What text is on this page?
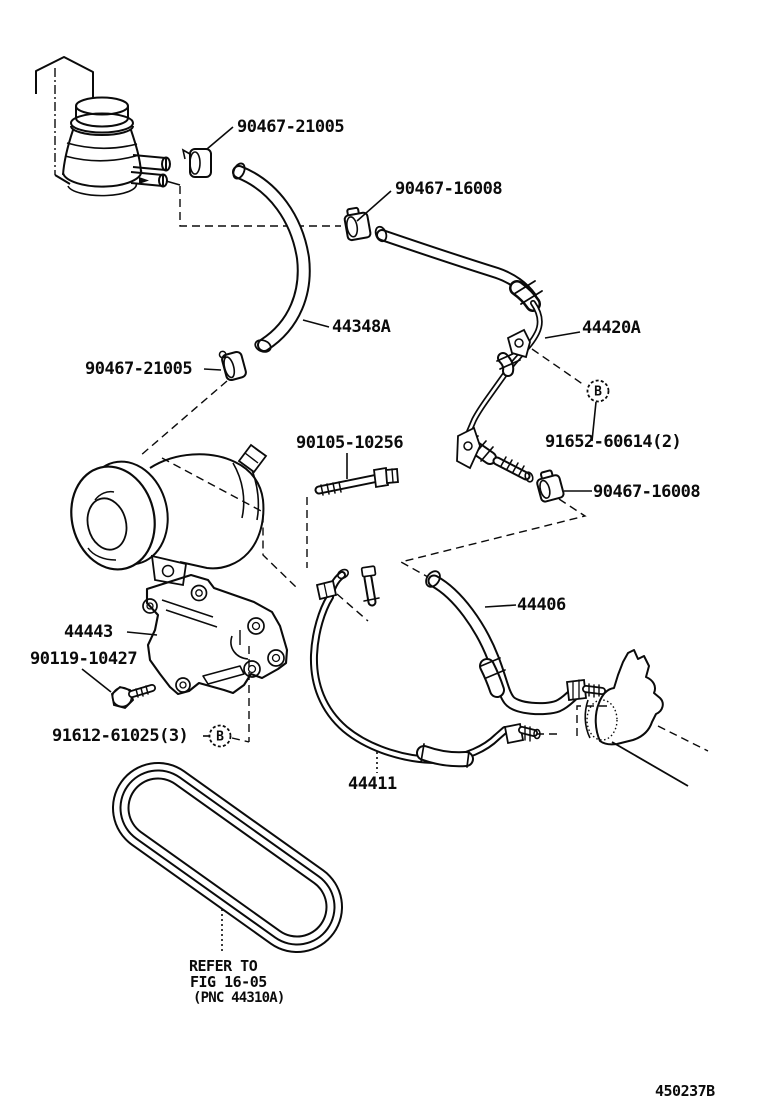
B
B
90467-21005
90467-16008
44348A	44420A
90467-21005
90105-10256	91652-60614(2)
90467-16008
44406
44443
90119-10427
91612-61025(3)
44411
REFER TO
FIG 16-05
(PNC 44310A)
450237B
